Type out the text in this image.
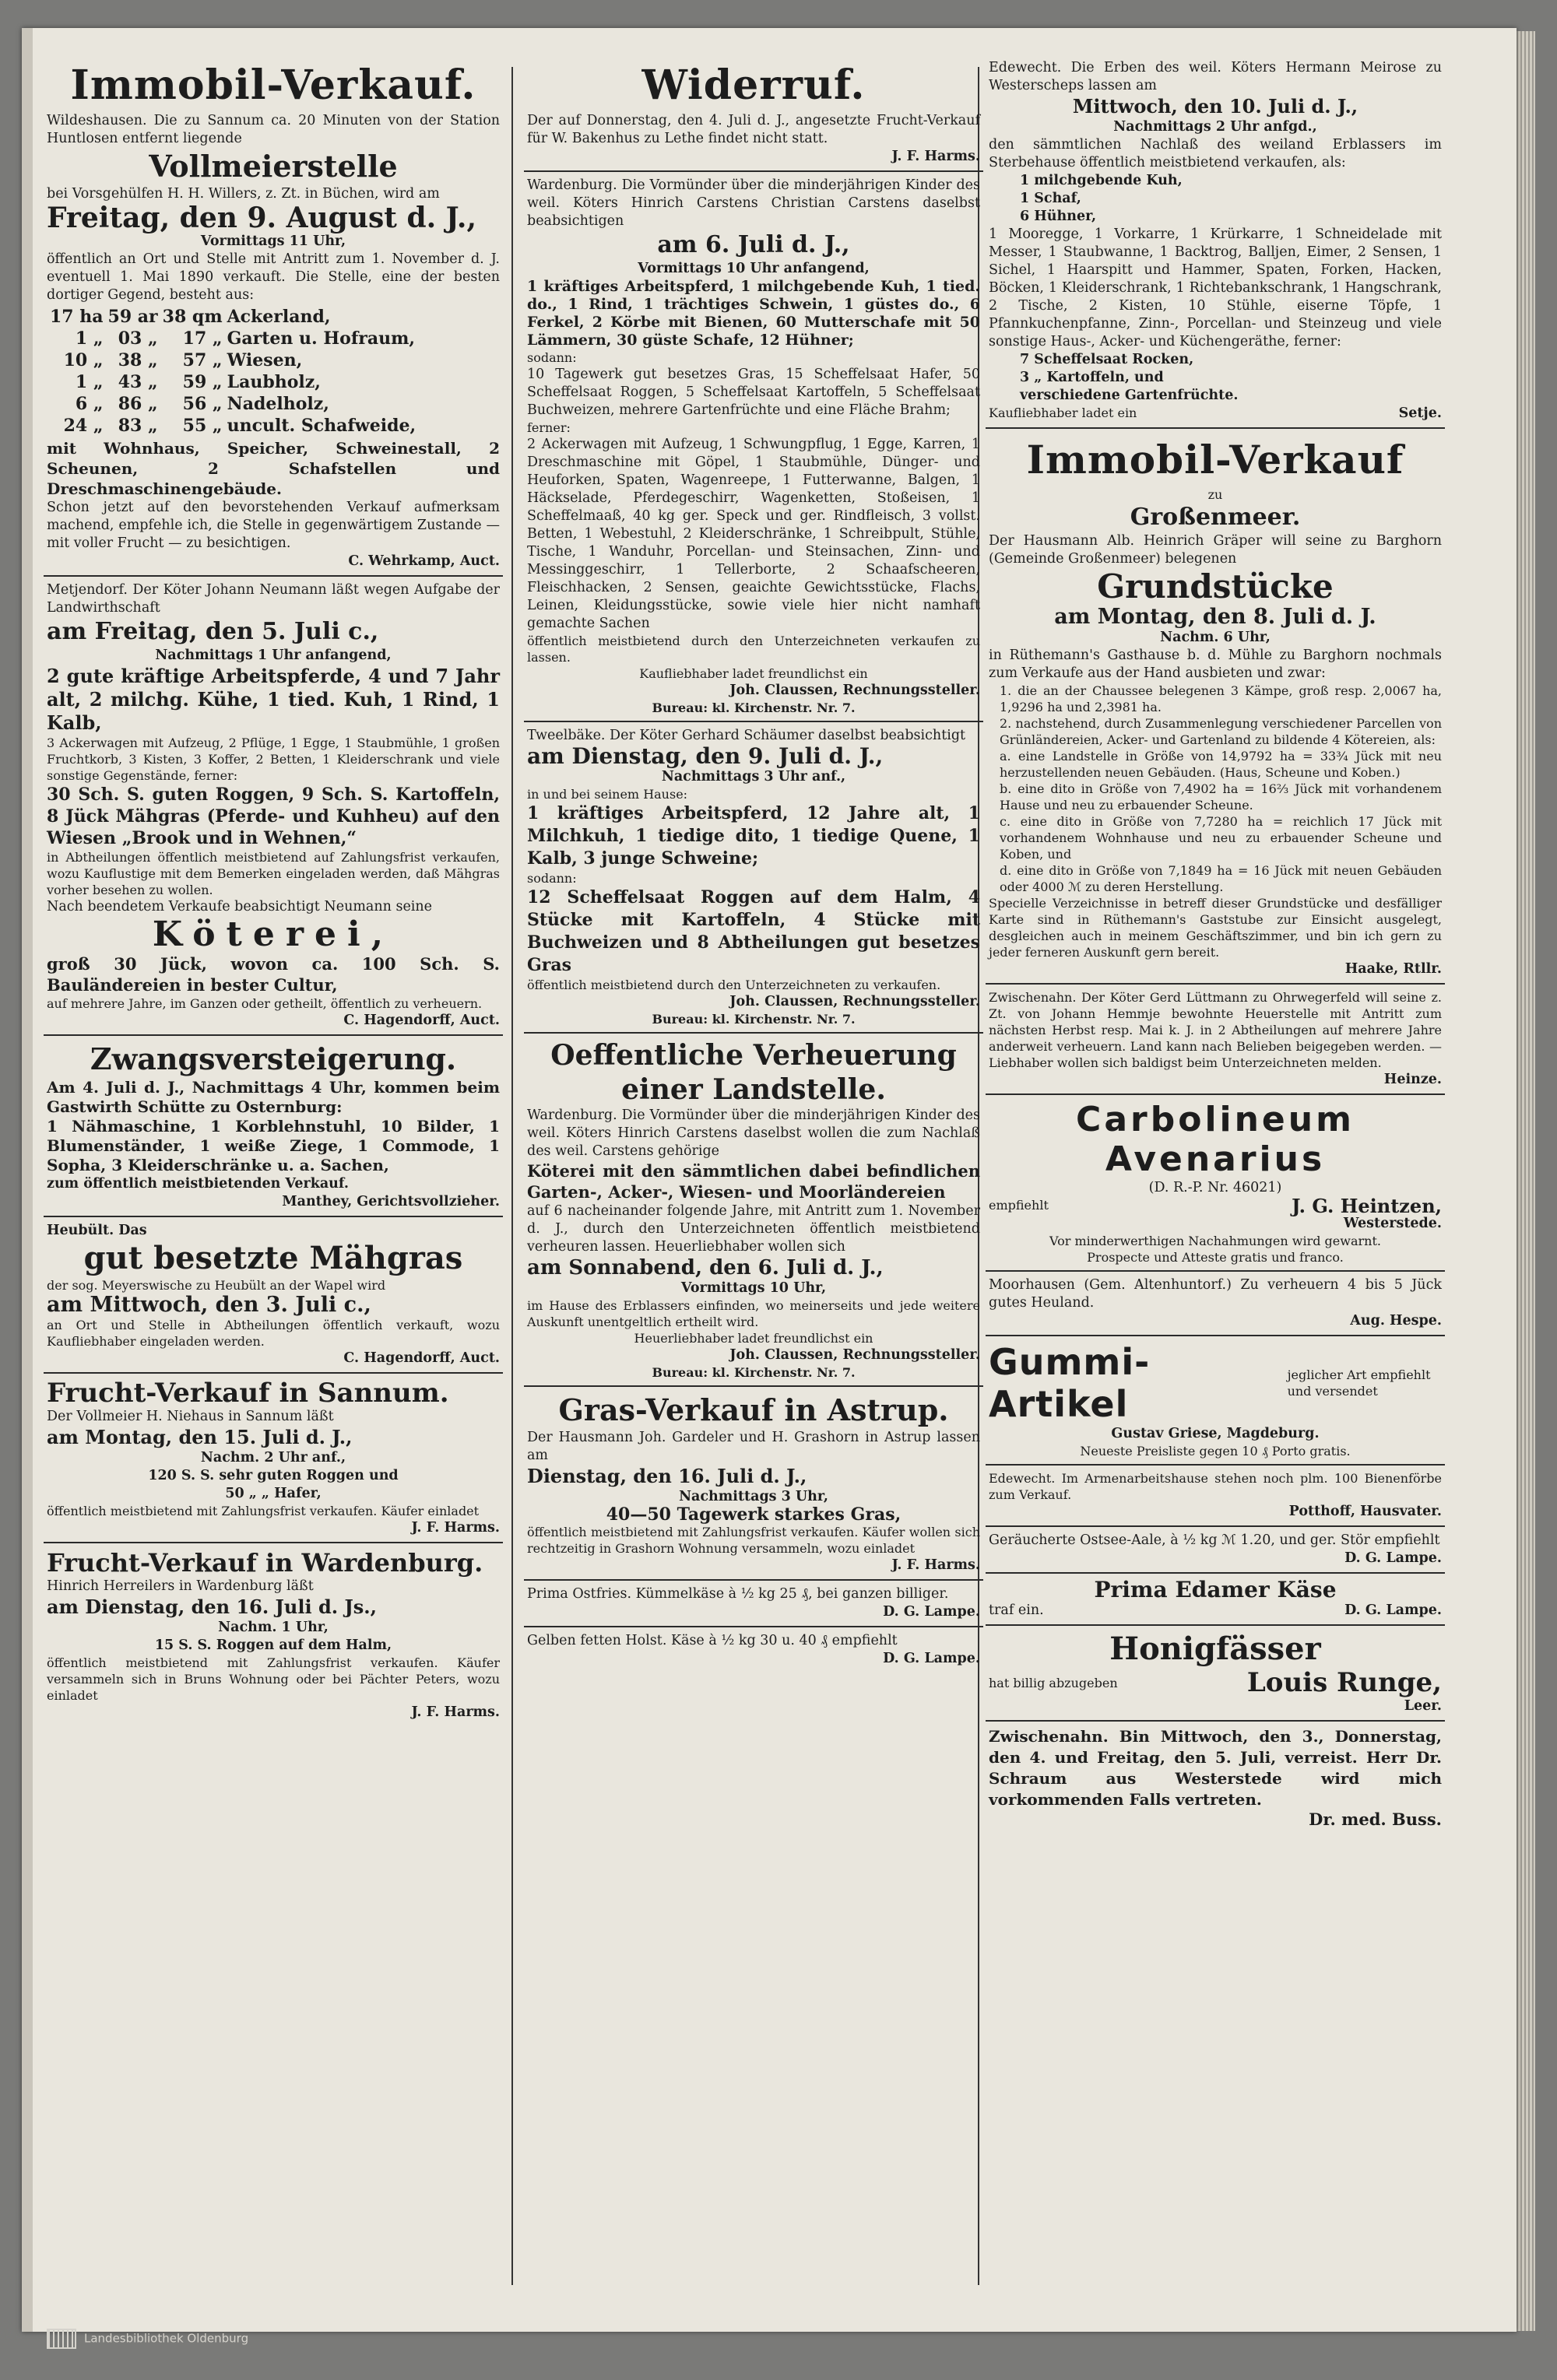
Immobil-Verkauf.

Wildeshausen. Die zu Sannum ca. 20 Minuten von der Station Huntlosen entfernt liegende

Vollmeierstelle

bei Vorsgehülfen H. H. Willers, z. Zt. in Büchen, wird am

Freitag, den 9. August d. J.,

Vormittags 11 Uhr,

öffentlich an Ort und Stelle mit Antritt zum 1. November d. J. eventuell 1. Mai 1890 verkauft. Die Stelle, eine der besten dortiger Gegend, besteht aus:

17 ha	59 ar	38 qm	Ackerland,
1 „	03 „	17 „	Garten u. Hofraum,
10 „	38 „	57 „	Wiesen,
1 „	43 „	59 „	Laubholz,
6 „	86 „	56 „	Nadelholz,
24 „	83 „	55 „	uncult. Schafweide,

mit Wohnhaus, Speicher, Schweinestall, 2 Scheunen, 2 Schafstellen und Dreschmaschinengebäude.

Schon jetzt auf den bevorstehenden Verkauf aufmerksam machend, empfehle ich, die Stelle in gegenwärtigem Zustande — mit voller Frucht — zu besichtigen.

C. Wehrkamp, Auct.

Metjendorf. Der Köter Johann Neumann läßt wegen Aufgabe der Landwirthschaft

am Freitag, den 5. Juli c.,

Nachmittags 1 Uhr anfangend,

2 gute kräftige Arbeitspferde, 4 und 7 Jahr alt, 2 milchg. Kühe, 1 tied. Kuh, 1 Rind, 1 Kalb,

3 Ackerwagen mit Aufzeug, 2 Pflüge, 1 Egge, 1 Staubmühle, 1 großen Fruchtkorb, 3 Kisten, 3 Koffer, 2 Betten, 1 Kleiderschrank und viele sonstige Gegenstände, ferner:

30 Sch. S. guten Roggen, 9 Sch. S. Kartoffeln, 8 Jück Mähgras (Pferde- und Kuhheu) auf den Wiesen „Brook und in Wehnen,“

in Abtheilungen öffentlich meistbietend auf Zahlungsfrist verkaufen, wozu Kauflustige mit dem Bemerken eingeladen werden, daß Mähgras vorher besehen zu wollen.

Nach beendetem Verkaufe beabsichtigt Neumann seine

Köterei,

groß 30 Jück, wovon ca. 100 Sch. S. Bauländereien in bester Cultur,

auf mehrere Jahre, im Ganzen oder getheilt, öffentlich zu verheuern.

C. Hagendorff, Auct.

Zwangsversteigerung.

Am 4. Juli d. J., Nachmittags 4 Uhr, kommen beim Gastwirth Schütte zu Osternburg:

1 Nähmaschine, 1 Korblehnstuhl, 10 Bilder, 1 Blumenständer, 1 weiße Ziege, 1 Commode, 1 Sopha, 3 Kleiderschränke u. a. Sachen,

zum öffentlich meistbietenden Verkauf.

Manthey, Gerichtsvollzieher.

Heubült. Das

gut besetzte Mähgras

der sog. Meyerswische zu Heubült an der Wapel wird

am Mittwoch, den 3. Juli c.,

an Ort und Stelle in Abtheilungen öffentlich verkauft, wozu Kaufliebhaber eingeladen werden.

C. Hagendorff, Auct.

Frucht-Verkauf in Sannum.

Der Vollmeier H. Niehaus in Sannum läßt

am Montag, den 15. Juli d. J.,

Nachm. 2 Uhr anf.,

120 S. S. sehr guten Roggen und

50 „ „ Hafer,

öffentlich meistbietend mit Zahlungsfrist verkaufen. Käufer einladet

J. F. Harms.

Frucht-Verkauf in Wardenburg.

Hinrich Herreilers in Wardenburg läßt

am Dienstag, den 16. Juli d. Js.,

Nachm. 1 Uhr,

15 S. S. Roggen auf dem Halm,

öffentlich meistbietend mit Zahlungsfrist verkaufen. Käufer versammeln sich in Bruns Wohnung oder bei Pächter Peters, wozu einladet

J. F. Harms.

Widerruf.

Der auf Donnerstag, den 4. Juli d. J., angesetzte Frucht-Verkauf für W. Bakenhus zu Lethe findet nicht statt.

J. F. Harms.

Wardenburg. Die Vormünder über die minderjährigen Kinder des weil. Köters Hinrich Carstens Christian Carstens daselbst beabsichtigen

am 6. Juli d. J.,

Vormittags 10 Uhr anfangend,

1 kräftiges Arbeitspferd, 1 milchgebende Kuh, 1 tied. do., 1 Rind, 1 trächtiges Schwein, 1 güstes do., 6 Ferkel, 2 Körbe mit Bienen, 60 Mutterschafe mit 50 Lämmern, 30 güste Schafe, 12 Hühner;

sodann:

10 Tagewerk gut besetzes Gras, 15 Scheffelsaat Hafer, 50 Scheffelsaat Roggen, 5 Scheffelsaat Kartoffeln, 5 Scheffelsaat Buchweizen, mehrere Gartenfrüchte und eine Fläche Brahm;

ferner:

2 Ackerwagen mit Aufzeug, 1 Schwungpflug, 1 Egge, Karren, 1 Dreschmaschine mit Göpel, 1 Staubmühle, Dünger- und Heuforken, Spaten, Wagenreepe, 1 Futterwanne, Balgen, 1 Häckselade, Pferdegeschirr, Wagenketten, Stoßeisen, 1 Scheffelmaaß, 40 kg ger. Speck und ger. Rindfleisch, 3 vollst. Betten, 1 Webestuhl, 2 Kleiderschränke, 1 Schreibpult, Stühle, Tische, 1 Wanduhr, Porcellan- und Steinsachen, Zinn- und Messinggeschirr, 1 Tellerborte, 2 Schaafscheeren, Fleischhacken, 2 Sensen, geaichte Gewichtsstücke, Flachs, Leinen, Kleidungsstücke, sowie viele hier nicht namhaft gemachte Sachen

öffentlich meistbietend durch den Unterzeichneten verkaufen zu lassen.

Kaufliebhaber ladet freundlichst ein

Joh. Claussen, Rechnungssteller.

Bureau: kl. Kirchenstr. Nr. 7.

Tweelbäke. Der Köter Gerhard Schäumer daselbst beabsichtigt

am Dienstag, den 9. Juli d. J.,

Nachmittags 3 Uhr anf.,

in und bei seinem Hause:

1 kräftiges Arbeitspferd, 12 Jahre alt, 1 Milchkuh, 1 tiedige dito, 1 tiedige Quene, 1 Kalb, 3 junge Schweine;

sodann:

12 Scheffelsaat Roggen auf dem Halm, 4 Stücke mit Kartoffeln, 4 Stücke mit Buchweizen und 8 Abtheilungen gut besetzes Gras

öffentlich meistbietend durch den Unterzeichneten zu verkaufen.

Joh. Claussen, Rechnungssteller.

Bureau: kl. Kirchenstr. Nr. 7.

Oeffentliche Verheuerung einer Landstelle.

Wardenburg. Die Vormünder über die minderjährigen Kinder des weil. Köters Hinrich Carstens daselbst wollen die zum Nachlaß des weil. Carstens gehörige

Köterei mit den sämmtlichen dabei befindlichen Garten-, Acker-, Wiesen- und Moorländereien

auf 6 nacheinander folgende Jahre, mit Antritt zum 1. November d. J., durch den Unterzeichneten öffentlich meistbietend verheuren lassen. Heuerliebhaber wollen sich

am Sonnabend, den 6. Juli d. J.,

Vormittags 10 Uhr,

im Hause des Erblassers einfinden, wo meinerseits und jede weitere Auskunft unentgeltlich ertheilt wird.

Heuerliebhaber ladet freundlichst ein

Joh. Claussen, Rechnungssteller.

Bureau: kl. Kirchenstr. Nr. 7.

Gras-Verkauf in Astrup.

Der Hausmann Joh. Gardeler und H. Grashorn in Astrup lassen am

Dienstag, den 16. Juli d. J.,

Nachmittags 3 Uhr,

40—50 Tagewerk starkes Gras,

öffentlich meistbietend mit Zahlungsfrist verkaufen. Käufer wollen sich rechtzeitig in Grashorn Wohnung versammeln, wozu einladet

J. F. Harms.

Prima Ostfries. Kümmelkäse à ½ kg 25 ₰, bei ganzen billiger.

D. G. Lampe.

Gelben fetten Holst. Käse à ½ kg 30 u. 40 ₰ empfiehlt

D. G. Lampe.

Edewecht. Die Erben des weil. Köters Hermann Meirose zu Westerscheps lassen am

Mittwoch, den 10. Juli d. J.,

Nachmittags 2 Uhr anfgd.,

den sämmtlichen Nachlaß des weiland Erblassers im Sterbehause öffentlich meistbietend verkaufen, als:

1 milchgebende Kuh,

1 Schaf,

6 Hühner,

1 Mooregge, 1 Vorkarre, 1 Krürkarre, 1 Schneidelade mit Messer, 1 Staubwanne, 1 Backtrog, Balljen, Eimer, 2 Sensen, 1 Sichel, 1 Haarspitt und Hammer, Spaten, Forken, Hacken, Böcken, 1 Kleiderschrank, 1 Richtebankschrank, 1 Hangschrank, 2 Tische, 2 Kisten, 10 Stühle, eiserne Töpfe, 1 Pfannkuchenpfanne, Zinn-, Porcellan- und Steinzeug und viele sonstige Haus-, Acker- und Küchengeräthe, ferner:

7 Scheffelsaat Rocken,

3 „ Kartoffeln, und

verschiedene Gartenfrüchte.

Kaufliebhaber ladet ein	Setje.

Immobil-Verkauf

zu

Großenmeer.

Der Hausmann Alb. Heinrich Gräper will seine zu Barghorn (Gemeinde Großenmeer) belegenen

Grundstücke

am Montag, den 8. Juli d. J.

Nachm. 6 Uhr,

in Rüthemann's Gasthause b. d. Mühle zu Barghorn nochmals zum Verkaufe aus der Hand ausbieten und zwar:

1. die an der Chaussee belegenen 3 Kämpe, groß resp. 2,0067 ha, 1,9296 ha und 2,3981 ha.

2. nachstehend, durch Zusammenlegung verschiedener Parcellen von Grünländereien, Acker- und Gartenland zu bildende 4 Kötereien, als:

a. eine Landstelle in Größe von 14,9792 ha = 33¾ Jück mit neu herzustellenden neuen Gebäuden. (Haus, Scheune und Koben.)

b. eine dito in Größe von 7,4902 ha = 16⅔ Jück mit vorhandenem Hause und neu zu erbauender Scheune.

c. eine dito in Größe von 7,7280 ha = reichlich 17 Jück mit vorhandenem Wohnhause und neu zu erbauender Scheune und Koben, und

d. eine dito in Größe von 7,1849 ha = 16 Jück mit neuen Gebäuden oder 4000 ℳ zu deren Herstellung.

Specielle Verzeichnisse in betreff dieser Grundstücke und desfälliger Karte sind in Rüthemann's Gaststube zur Einsicht ausgelegt, desgleichen auch in meinem Geschäftszimmer, und bin ich gern zu jeder ferneren Auskunft gern bereit.

Haake, Rtllr.

Zwischenahn. Der Köter Gerd Lüttmann zu Ohrwegerfeld will seine z. Zt. von Johann Hemmje bewohnte Heuerstelle mit Antritt zum nächsten Herbst resp. Mai k. J. in 2 Abtheilungen auf mehrere Jahre anderweit verheuern. Land kann nach Belieben beigegeben werden. — Liebhaber wollen sich baldigst beim Unterzeichneten melden.

Heinze.

Carbolineum

Avenarius

(D. R.-P. Nr. 46021)

empfiehlt	J. G. Heintzen,

Westerstede.

Vor minderwerthigen Nachahmungen wird gewarnt.

Prospecte und Atteste gratis und franco.

Moorhausen (Gem. Altenhuntorf.) Zu verheuern 4 bis 5 Jück gutes Heuland.

Aug. Hespe.

Gummi-Artikel

jeglicher Art empfiehlt und versendet

Gustav Griese, Magdeburg.

Neueste Preisliste gegen 10 ₰ Porto gratis.

Edewecht. Im Armenarbeitshause stehen noch plm. 100 Bienenförbe zum Verkauf.

Potthoff, Hausvater.

Geräucherte Ostsee-Aale, à ½ kg ℳ 1.20, und ger. Stör empfiehlt

D. G. Lampe.

Prima Edamer Käse

traf ein.	D. G. Lampe.

Honigfässer

hat billig abzugeben	Louis Runge,

Leer.

Zwischenahn. Bin Mittwoch, den 3., Donnerstag, den 4. und Freitag, den 5. Juli, verreist. Herr Dr. Schraum aus Westerstede wird mich vorkommenden Falls vertreten.

Dr. med. Buss.

Landesbibliothek Oldenburg
